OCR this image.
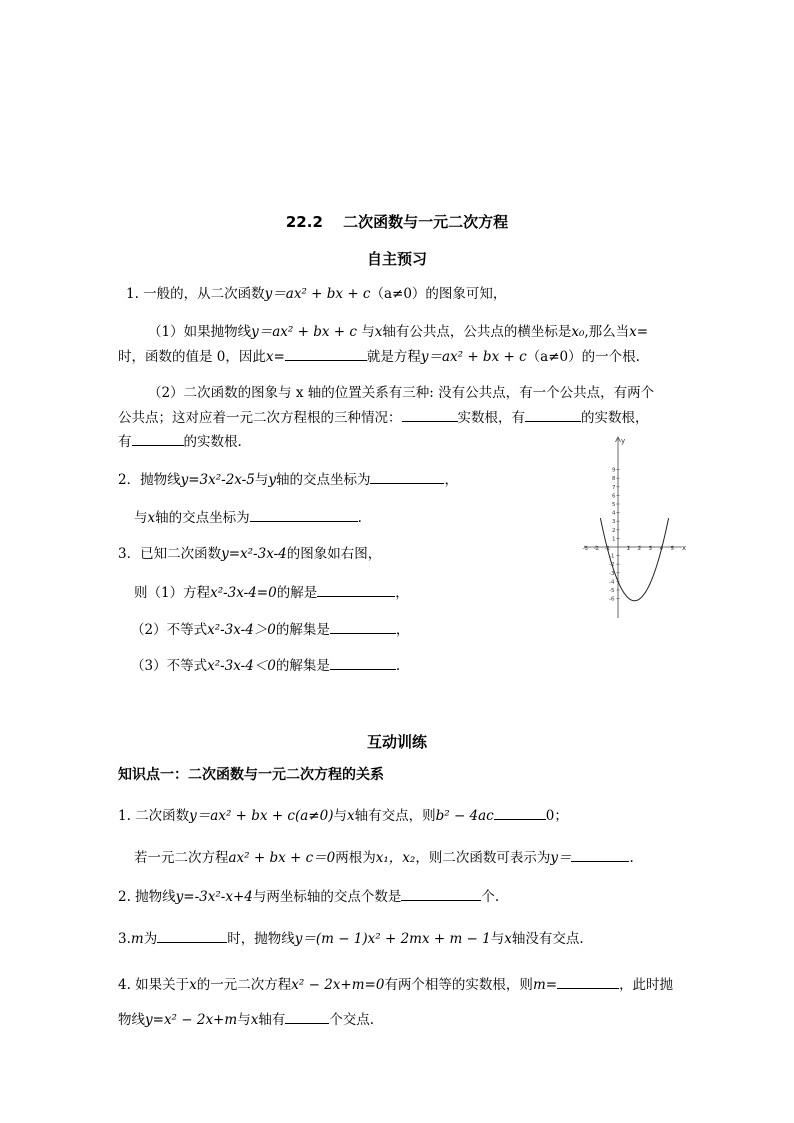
22.2　 二次函数与一元二次方程
自主预习
1. 一般的，从二次函数y＝ax² + bx + c（a≠0）的图象可知，
（1）如果抛物线y＝ax² + bx + c 与x轴有公共点，公共点的横坐标是x₀,那么当x=
时，函数的值是 0，因此x=	就是方程y＝ax² + bx + c（a≠0）的一个根.
（2）二次函数的图象与 x 轴的位置关系有三种: 没有公共点，有一个公共点，有两个
公共点；这对应着一元二次方程根的三种情况：	实数根，有	的实数根，
有	的实数根.
2．抛物线y=3x²-2x-5与y轴的交点坐标为	，
与x轴的交点坐标为	.
3．已知二次函数y=x²-3x-4的图象如右图，
则（1）方程x²-3x-4=0的解是	，
（2）不等式x²-3x-4＞0的解集是	，
（3）不等式x²-3x-4＜0的解集是	.
x
y
-3 -2 -1	1 2 3 4 5
9
8
7
6
5
4
3
2
1
-1
-2
-3
-4
-5
-6
互动训练
知识点一：二次函数与一元二次方程的关系
1. 二次函数y＝ax² + bx + c(a≠0)与x轴有交点，则b² − 4ac	0；
若一元二次方程ax² + bx + c＝0两根为x₁，x₂，则二次函数可表示为y＝	.
2. 抛物线y=-3x²-x+4与两坐标轴的交点个数是	个.
3.m为	时，抛物线y＝(m − 1)x² + 2mx + m − 1与x轴没有交点.
4. 如果关于x的一元二次方程x² − 2x+m=0有两个相等的实数根，则m=	，此时抛
物线y=x² − 2x+m与x轴有	个交点.
